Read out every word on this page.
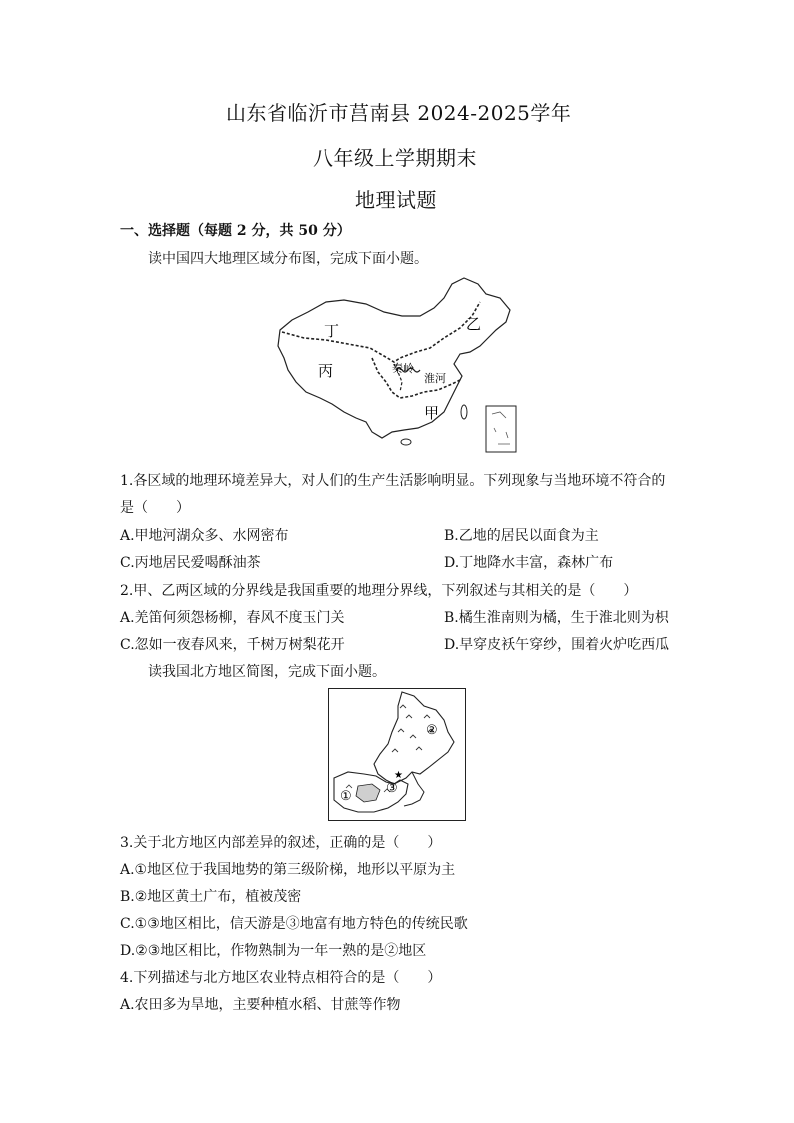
山东省临沂市莒南县 2024-2025学年
八年级上学期期末
地理试题
一、选择题（每题 2 分，共 50 分）
读中国四大地理区域分布图，完成下面小题。
丁	乙
丙
甲
秦岭
淮河
1.各区域的地理环境差异大，对人们的生产生活影响明显。下列现象与当地环境不符合的
是（　　）
A.甲地河湖众多、水网密布	B.乙地的居民以面食为主
C.丙地居民爱喝酥油茶	D.丁地降水丰富，森林广布
2.甲、乙两区域的分界线是我国重要的地理分界线，下列叙述与其相关的是（　　）
A.羌笛何须怨杨柳，春风不度玉门关	B.橘生淮南则为橘，生于淮北则为枳
C.忽如一夜春风来，千树万树梨花开	D.早穿皮袄午穿纱，围着火炉吃西瓜
读我国北方地区简图，完成下面小题。
★
②
③
①
3.关于北方地区内部差异的叙述，正确的是（　　）
A.①地区位于我国地势的第三级阶梯，地形以平原为主
B.②地区黄土广布，植被茂密
C.①③地区相比，信天游是③地富有地方特色的传统民歌
D.②③地区相比，作物熟制为一年一熟的是②地区
4.下列描述与北方地区农业特点相符合的是（　　）
A.农田多为旱地，主要种植水稻、甘蔗等作物
